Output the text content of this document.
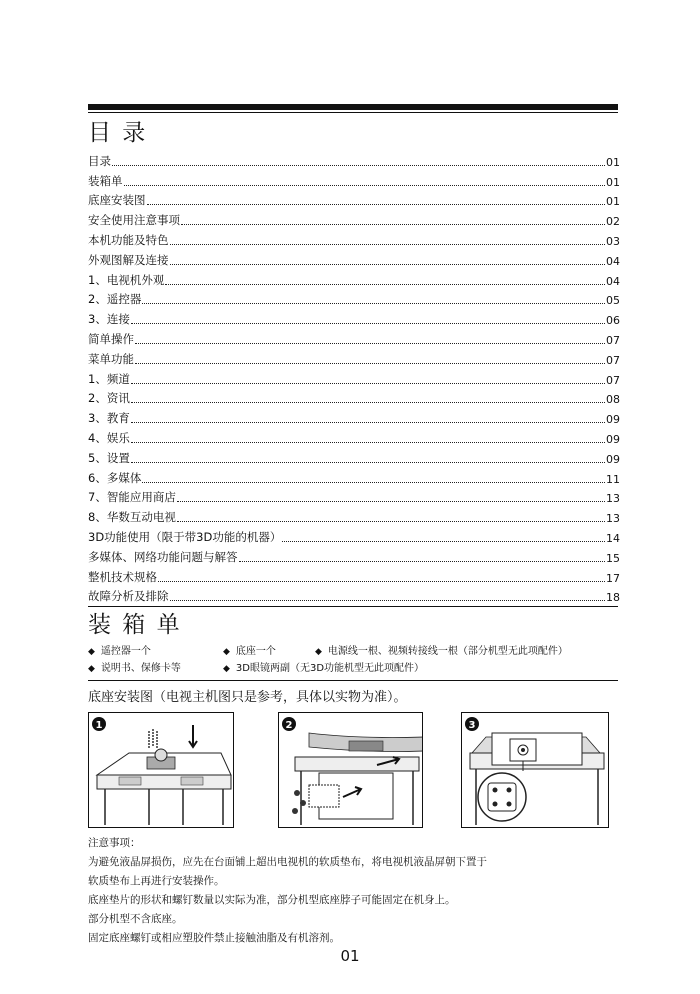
目 录
目录	01
装箱单	01
底座安装图	01
安全使用注意事项	02
本机功能及特色	03
外观图解及连接	04
1、电视机外观	04
2、遥控器	05
3、连接	06
简单操作	07
菜单功能	07
1、频道	07
2、资讯	08
3、教育	09
4、娱乐	09
5、设置	09
6、多媒体	11
7、智能应用商店	13
8、华数互动电视	13
3D功能使用（限于带3D功能的机器）	14
多媒体、网络功能问题与解答	15
整机技术规格	17
故障分析及排除	18
装 箱 单
◆ 遥控器一个	◆ 底座一个	◆ 电源线一根、视频转接线一根（部分机型无此项配件）
◆ 说明书、保修卡等	◆ 3D眼镜两副（无3D功能机型无此项配件）
底座安装图（电视主机图只是参考，具体以实物为准）。
1	2	3
注意事项：
为避免液晶屏损伤，应先在台面铺上超出电视机的软质垫布，将电视机液晶屏朝下置于
软质垫布上再进行安装操作。
底座垫片的形状和螺钉数量以实际为准，部分机型底座脖子可能固定在机身上。
部分机型不含底座。
固定底座螺钉或相应塑胶件禁止接触油脂及有机溶剂。
01
